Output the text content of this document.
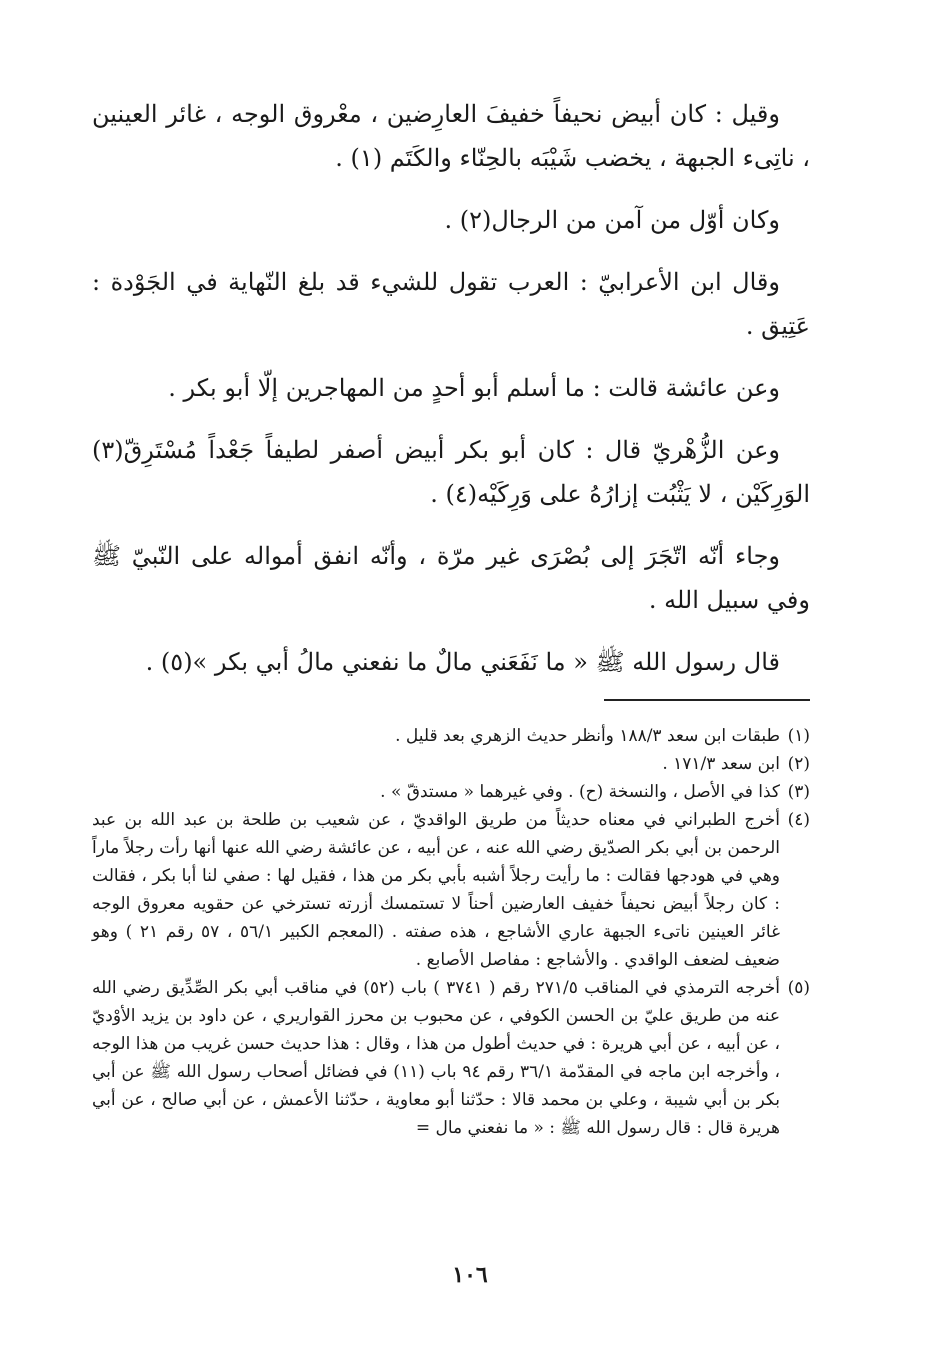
وقيل : كان أبيض نحيفاً خفيفَ العارِضين ، معْروق الوجه ، غائر العينين ، ناتِىء الجبهة ، يخضب شَيْبَه بالحِنّاء والكَتَم (١) .

وكان أوّل من آمن من الرجال(٢) .

وقال ابن الأعرابيّ : العرب تقول للشيء قد بلغ النّهاية في الجَوْدة : عَتِيق .

وعن عائشة قالت : ما أسلم أبو أحدٍ من المهاجرين إلّا أبو بكر .

وعن الزُّهْريّ قال : كان أبو بكر أبيض أصفر لطيفاً جَعْداً مُسْتَرِقّ(٣) الوَرِكَيْن ، لا يَثْبُت إزارُهُ على وَرِكَيْه(٤) .

وجاء أنّه اتّجَرَ إلى بُصْرَى غير مرّة ، وأنّه انفق أمواله على النّبيّ ﷺ وفي سبيل الله .

قال رسول الله ﷺ « ما نَفَعَني مالٌ ما نفعني مالُ أبي بكر »(٥) .

(١)
طبقات ابن سعد ١٨٨/٣ وأنظر حديث الزهري بعد قليل .

(٢)
ابن سعد ١٧١/٣ .

(٣)
كذا في الأصل ، والنسخة (ح) . وفي غيرهما « مستدقّ » .

(٤)
أخرج الطبراني في معناه حديثاً من طريق الواقديّ ، عن شعيب بن طلحة بن عبد الله بن عبد الرحمن بن أبي بكر الصدّيق رضي الله عنه ، عن أبيه ، عن عائشة رضي الله عنها أنها رأت رجلاً ماراً وهي في هودجها فقالت : ما رأيت رجلاً أشبه بأبي بكر من هذا ، فقيل لها : صفي لنا أبا بكر ، فقالت : كان رجلاً أبيض نحيفاً خفيف العارضين أحناً لا تستمسك أزرته تسترخي عن حقويه معروق الوجه غائر العينين ناتىء الجبهة عاري الأشاجع ، هذه صفته . (المعجم الكبير ٥٦/١ ، ٥٧ رقم ٢١ ) وهو ضعيف لضعف الواقدي . والأشاجع : مفاصل الأصابع .

(٥)
أخرجه الترمذي في المناقب ٢٧١/٥ رقم ( ٣٧٤١ ) باب (٥٢) في مناقب أبي بكر الصِّدِّيق رضي الله عنه من طريق عليّ بن الحسن الكوفي ، عن محبوب بن محرز القواريري ، عن داود بن يزيد الأوْديّ ، عن أبيه ، عن أبي هريرة : في حديث أطول من هذا ، وقال : هذا حديث حسن غريب من هذا الوجه ، وأخرجه ابن ماجه في المقدّمة ٣٦/١ رقم ٩٤ باب (١١) في فضائل أصحاب رسول الله ﷺ عن أبي بكر بن أبي شيبة ، وعلي بن محمد قالا : حدّثنا أبو معاوية ، حدّثنا الأعمش ، عن أبي صالح ، عن أبي هريرة قال : قال رسول الله ﷺ : « ما نفعني مال =

١٠٦
